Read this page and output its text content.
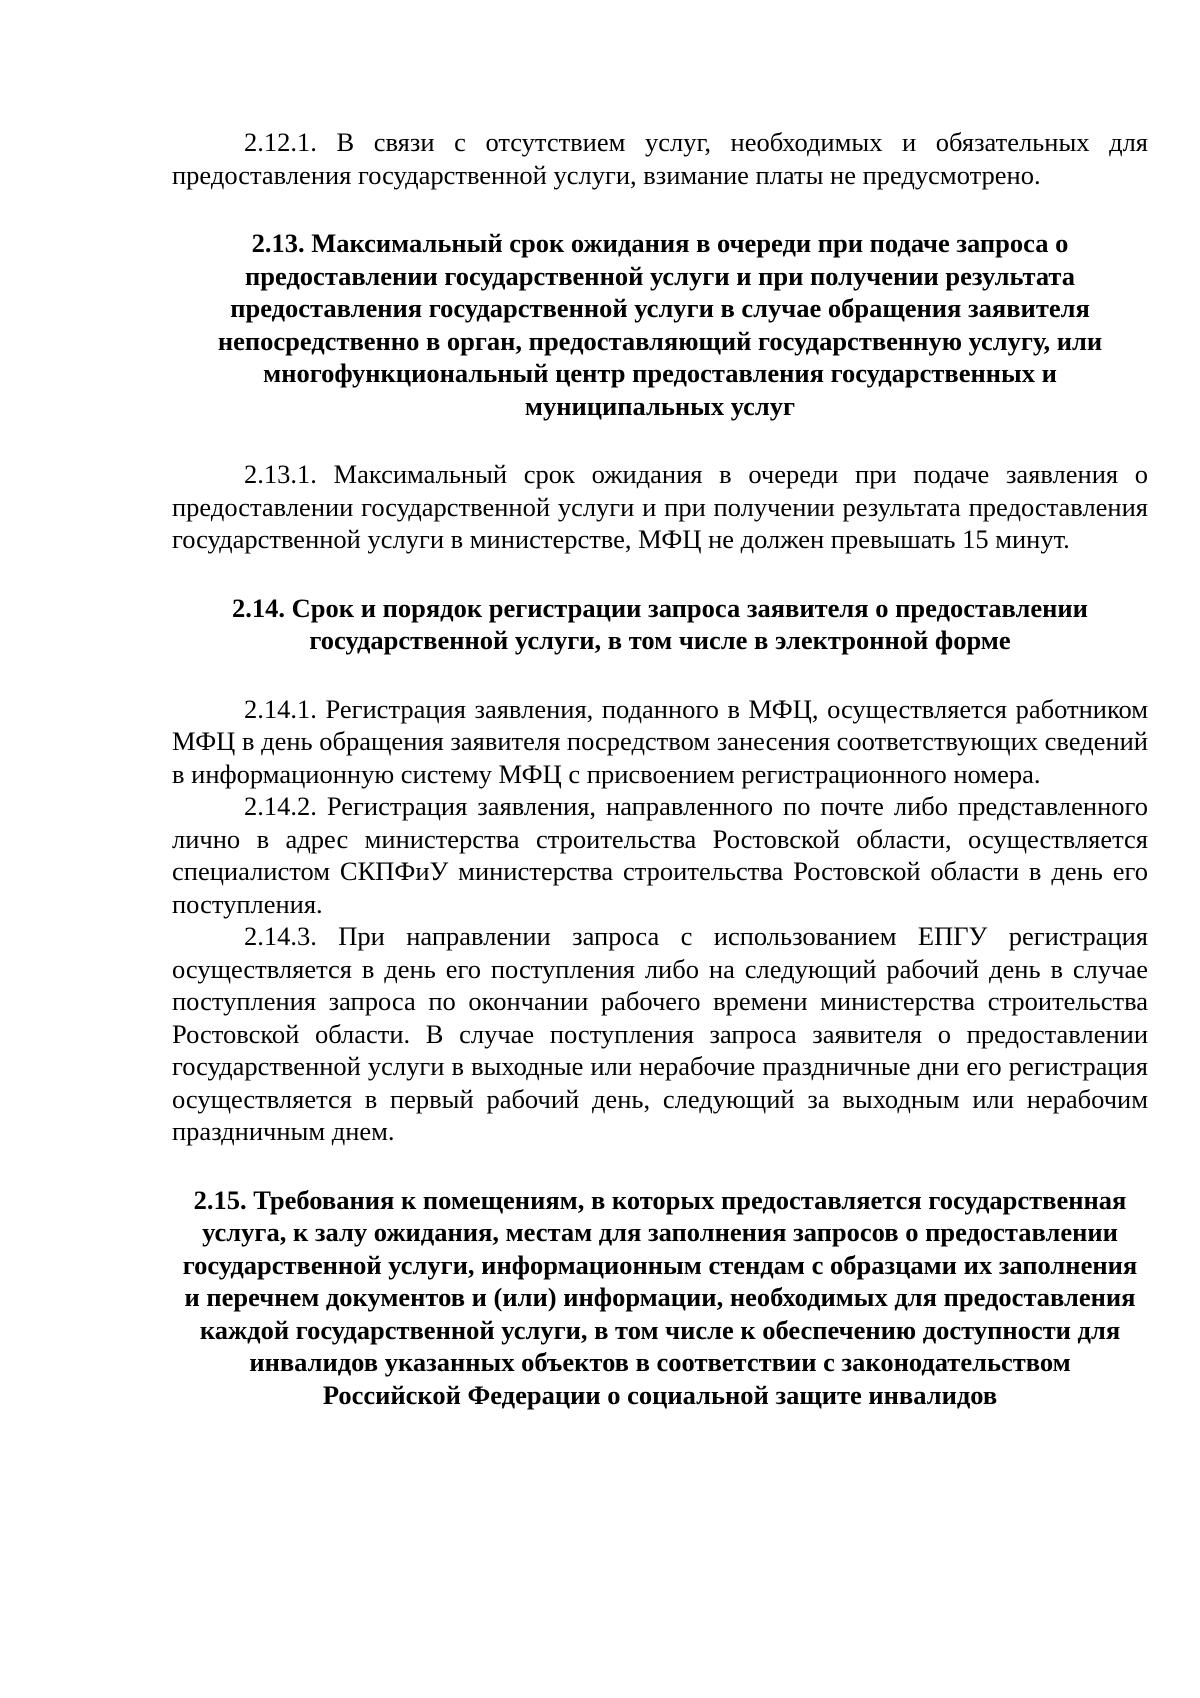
2.12.1. В связи с отсутствием услуг, необходимых и обязательных для предоставления государственной услуги, взимание платы не предусмотрено.

2.13. Максимальный срок ожидания в очереди при подаче запроса о предоставлении государственной услуги и при получении результата предоставления государственной услуги в случае обращения заявителя непосредственно в орган, предоставляющий государственную услугу, или многофункциональный центр предоставления государственных и муниципальных услуг

2.13.1. Максимальный срок ожидания в очереди при подаче заявления о предоставлении государственной услуги и при получении результата предоставления государственной услуги в министерстве, МФЦ не должен превышать 15 минут.

2.14. Срок и порядок регистрации запроса заявителя о предоставлении государственной услуги, в том числе в электронной форме

2.14.1. Регистрация заявления, поданного в МФЦ, осуществляется работником МФЦ в день обращения заявителя посредством занесения соответствующих сведений в информационную систему МФЦ с присвоением регистрационного номера.

2.14.2. Регистрация заявления, направленного по почте либо представленного лично в адрес министерства строительства Ростовской области, осуществляется специалистом СКПФиУ министерства строительства Ростовской области в день его поступления.

2.14.3. При направлении запроса с использованием ЕПГУ регистрация осуществляется в день его поступления либо на следующий рабочий день в случае поступления запроса по окончании рабочего времени министерства строительства Ростовской области. В случае поступления запроса заявителя о предоставлении государственной услуги в выходные или нерабочие праздничные дни его регистрация осуществляется в первый рабочий день, следующий за выходным или нерабочим праздничным днем.

2.15. Требования к помещениям, в которых предоставляется государственная услуга, к залу ожидания, местам для заполнения запросов о предоставлении государственной услуги, информационным стендам с образцами их заполнения и перечнем документов и (или) информации, необходимых для предоставления каждой государственной услуги, в том числе к обеспечению доступности для инвалидов указанных объектов в соответствии с законодательством Российской Федерации о социальной защите инвалидов
